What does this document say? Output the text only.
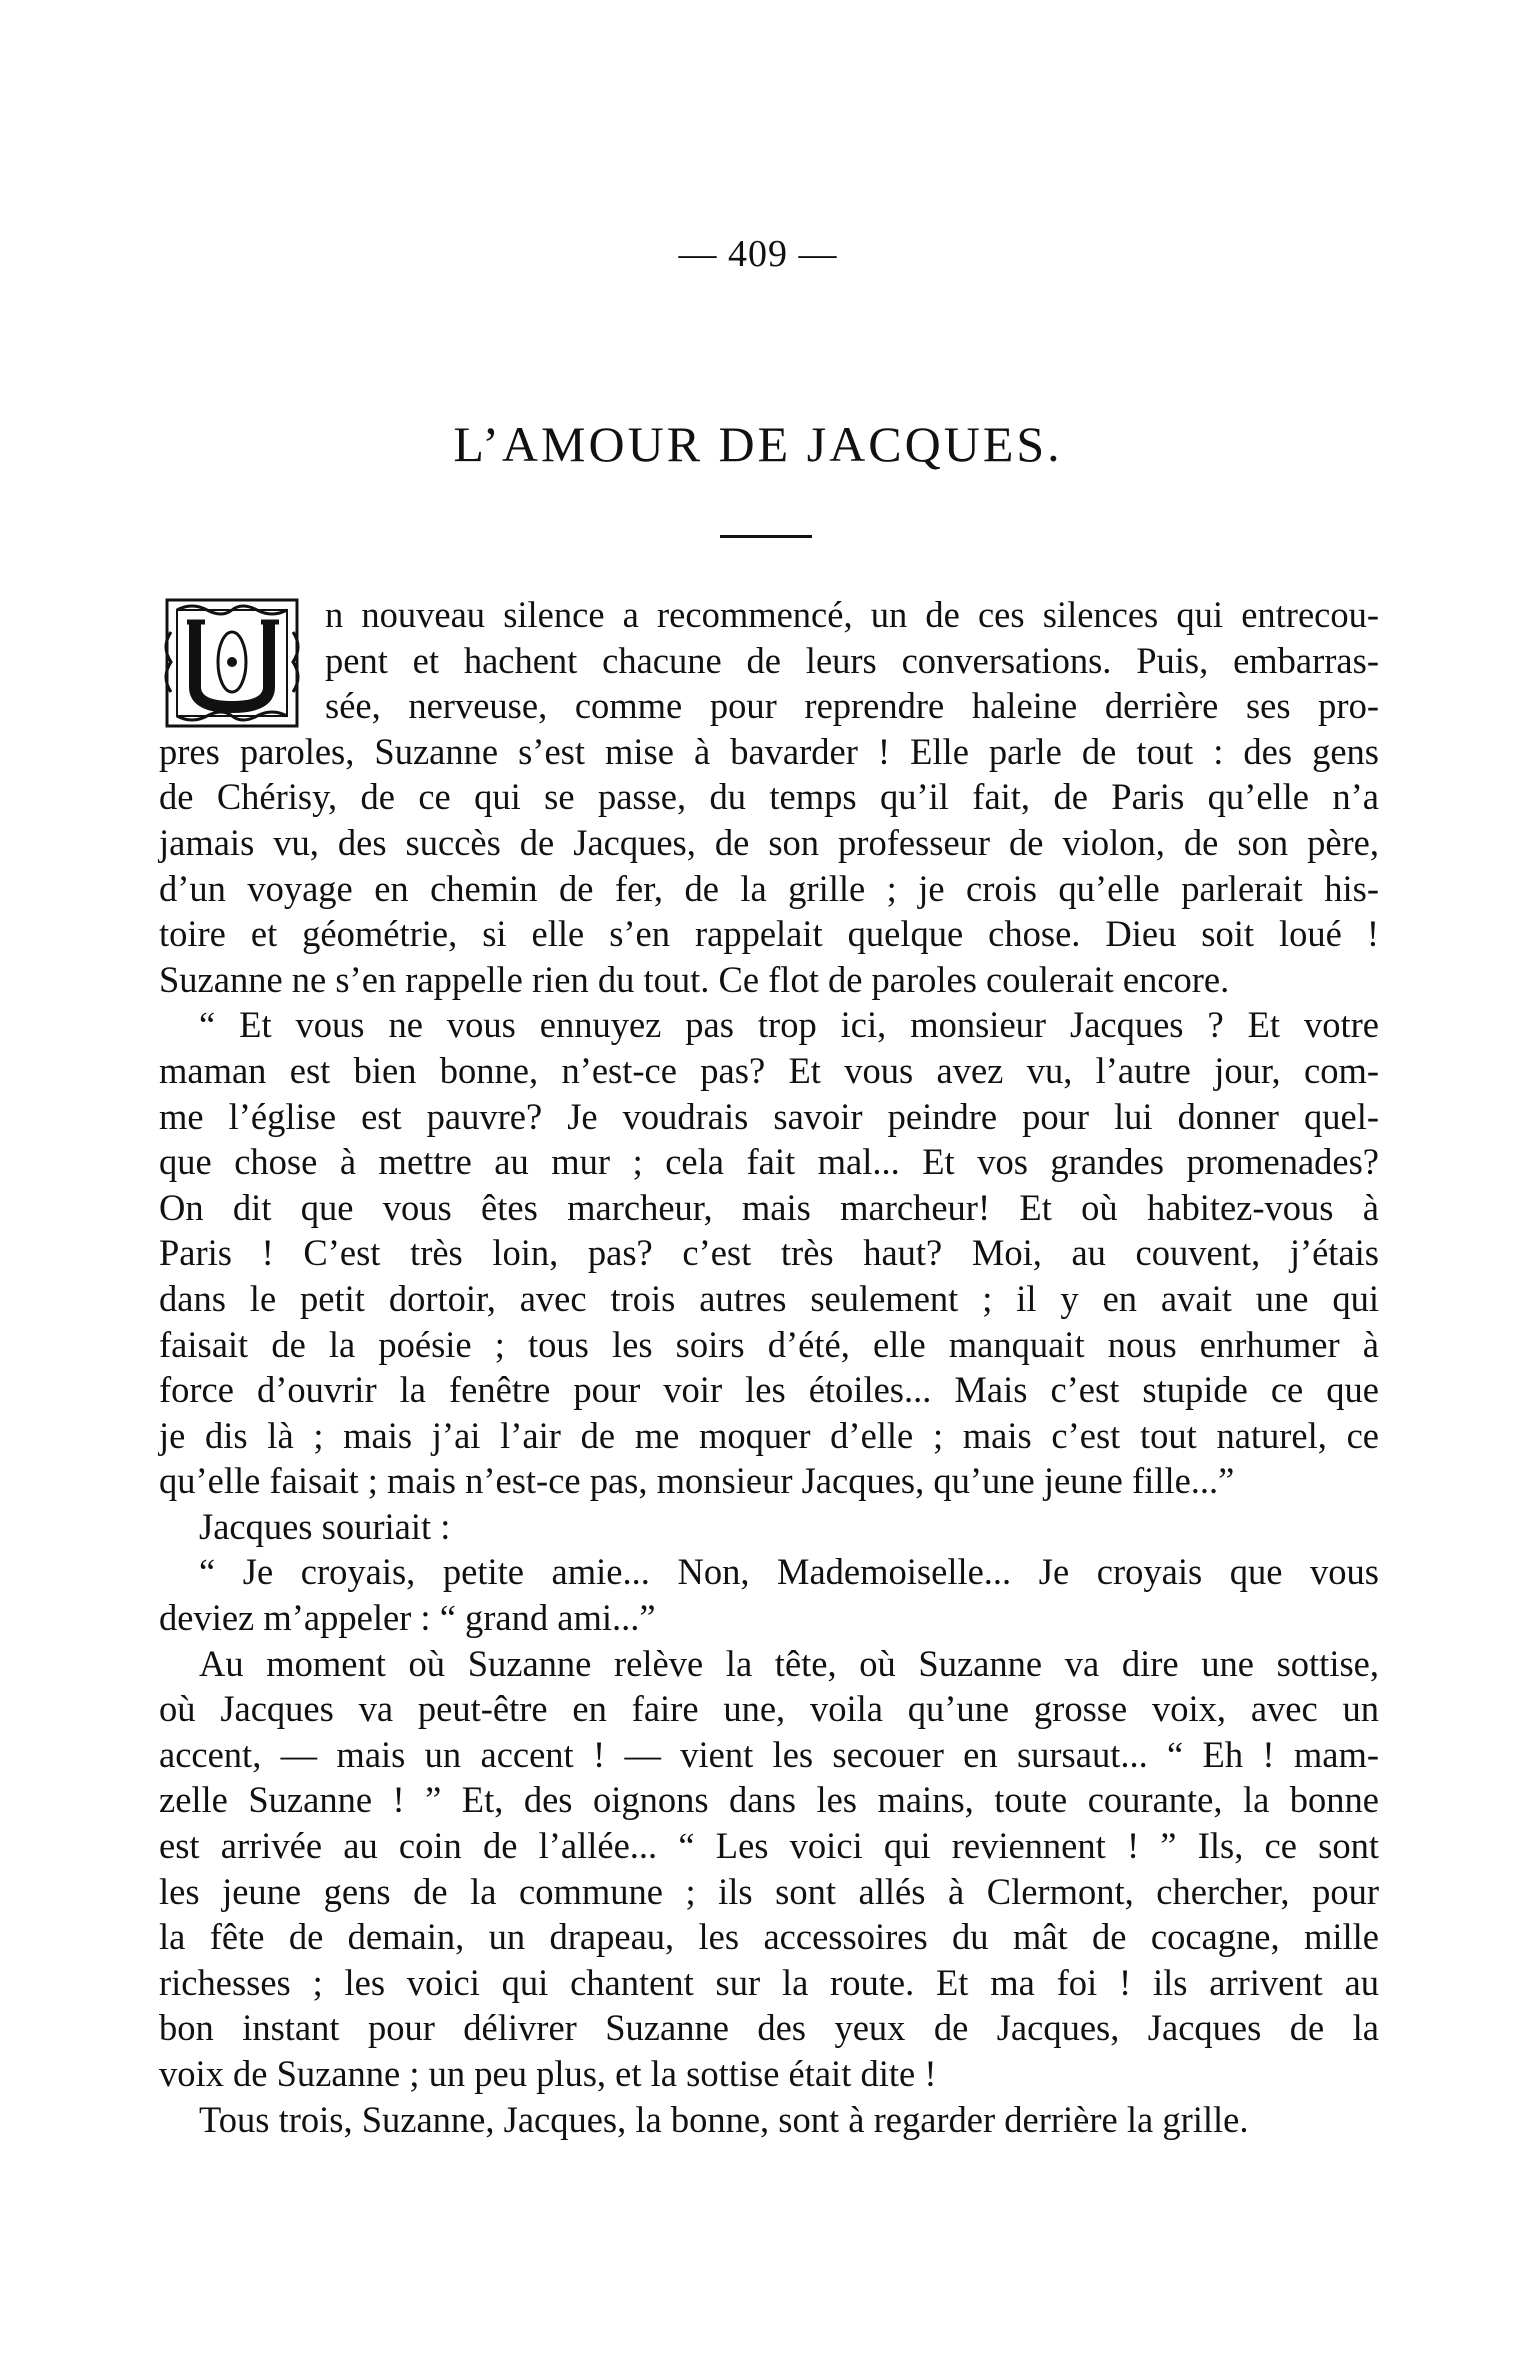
— 409 —
L’AMOUR DE JACQUES.
U
n nouveau silence a recommencé, un de ces silences qui entrecou-
pent et hachent chacune de leurs conversations. Puis, embarras-
sée, nerveuse, comme pour reprendre haleine derrière ses pro-
pres paroles, Suzanne s’est mise à bavarder ! Elle parle de tout : des gens
de Chérisy, de ce qui se passe, du temps qu’il fait, de Paris qu’elle n’a
jamais vu, des succès de Jacques, de son professeur de violon, de son père,
d’un voyage en chemin de fer, de la grille ; je crois qu’elle parlerait his-
toire et géométrie, si elle s’en rappelait quelque chose. Dieu soit loué !
Suzanne ne s’en rappelle rien du tout. Ce flot de paroles coulerait encore.
“ Et vous ne vous ennuyez pas trop ici, monsieur Jacques ? Et votre
maman est bien bonne, n’est-ce pas? Et vous avez vu, l’autre jour, com-
me l’église est pauvre? Je voudrais savoir peindre pour lui donner quel-
que chose à mettre au mur ; cela fait mal... Et vos grandes promenades?
On dit que vous êtes marcheur, mais marcheur! Et où habitez-vous à
Paris ! C’est très loin, pas? c’est très haut? Moi, au couvent, j’étais
dans le petit dortoir, avec trois autres seulement ; il y en avait une qui
faisait de la poésie ; tous les soirs d’été, elle manquait nous enrhumer à
force d’ouvrir la fenêtre pour voir les étoiles... Mais c’est stupide ce que
je dis là ; mais j’ai l’air de me moquer d’elle ; mais c’est tout naturel, ce
qu’elle faisait ; mais n’est-ce pas, monsieur Jacques, qu’une jeune fille...”
Jacques souriait :
“ Je croyais, petite amie... Non, Mademoiselle... Je croyais que vous
deviez m’appeler : “ grand ami...”
Au moment où Suzanne relève la tête, où Suzanne va dire une sottise,
où Jacques va peut-être en faire une, voila qu’une grosse voix, avec un
accent, — mais un accent ! — vient les secouer en sursaut... “ Eh ! mam-
zelle Suzanne ! ” Et, des oignons dans les mains, toute courante, la bonne
est arrivée au coin de l’allée... “ Les voici qui reviennent ! ” Ils, ce sont
les jeune gens de la commune ; ils sont allés à Clermont, chercher, pour
la fête de demain, un drapeau, les accessoires du mât de cocagne, mille
richesses ; les voici qui chantent sur la route. Et ma foi ! ils arrivent au
bon instant pour délivrer Suzanne des yeux de Jacques, Jacques de la
voix de Suzanne ; un peu plus, et la sottise était dite !
Tous trois, Suzanne, Jacques, la bonne, sont à regarder derrière la grille.
